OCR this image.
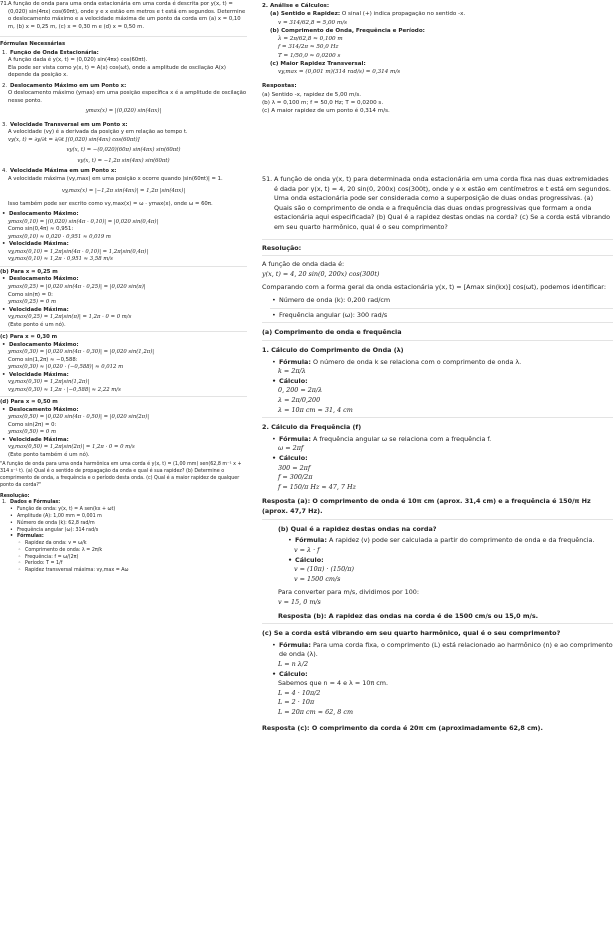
71. A função de onda para uma onda estacionária em uma corda é descrita por y(x, t) = (0,020) sin(4πx) cos(60πt), onde y e x estão em metros e t está em segundos. Determine o deslocamento máximo e a velocidade máxima de um ponto da corda em (a) x = 0,10 m, (b) x = 0,25 m, (c) x = 0,30 m e (d) x = 0,50 m.
Fórmulas Necessárias
1. Função de Onda Estacionária:
A função dada é y(x, t) = (0,020) sin(4πx) cos(60πt).
Ela pode ser vista como y(x, t) = A(x) cos(ωt), onde a amplitude de oscilação A(x) depende da posição x.
2. Deslocamento Máximo em um Ponto x:
O deslocamento máximo (ymax) em uma posição específica x é a amplitude de oscilação nesse ponto.
ymax(x) = |(0,020) sin(4πx)|
3. Velocidade Transversal em um Ponto x:
A velocidade (vy) é a derivada da posição y em relação ao tempo t.
vy(x, t) = ∂y/∂t = ∂/∂t [(0,020) sin(4πx) cos(60πt)]
vy(x, t) = −(0,020)(60π) sin(4πx) sin(60πt)
vy(x, t) = −1,2π sin(4πx) sin(60πt)
4. Velocidade Máxima em um Ponto x:
A velocidade máxima (vy,max) em uma posição x ocorre quando |sin(60πt)| = 1.
vy,max(x) = |−1,2π sin(4πx)| = 1,2π |sin(4πx)|
Isso também pode ser escrito como vy,max(x) = ω · ymax(x), onde ω = 60π.
• Deslocamento Máximo:
ymax(0,10) = |(0,020) sin(4π · 0,10)| = |0,020 sin(0,4π)|
Como sin(0,4π) ≈ 0,951:
ymax(0,10) ≈ 0,020 · 0,951 ≈ 0,019 m
• Velocidade Máxima:
vy,max(0,10) = 1,2π|sin(4π · 0,10)| = 1,2π|sin(0,4π)|
vy,max(0,10) ≈ 1,2π · 0,951 ≈ 3,58 m/s
(b) Para x = 0,25 m
• Deslocamento Máximo:
ymax(0,25) = |0,020 sin(4π · 0,25)| = |0,020 sin(π)|
Como sin(π) = 0:
ymax(0,25) = 0 m
• Velocidade Máxima:
vy,max(0,25) = 1,2π|sin(π)| = 1,2π · 0 = 0 m/s
(Este ponto é um nó).
(c) Para x = 0,30 m
• Deslocamento Máximo:
ymax(0,30) = |0,020 sin(4π · 0,30)| = |0,020 sin(1,2π)|
Como sin(1,2π) ≈ −0,588:
ymax(0,30) ≈ |0,020 · (−0,588)| ≈ 0,012 m
• Velocidade Máxima:
vy,max(0,30) = 1,2π|sin(1,2π)|
vy,max(0,30) ≈ 1,2π · |−0,588| ≈ 2,22 m/s
(d) Para x = 0,50 m
• Deslocamento Máximo:
ymax(0,50) = |0,020 sin(4π · 0,50)| = |0,020 sin(2π)|
Como sin(2π) = 0:
ymax(0,50) = 0 m
• Velocidade Máxima:
vy,max(0,50) = 1,2π|sin(2π)| = 1,2π · 0 = 0 m/s
(Este ponto também é um nó).
"A função de onda para uma onda harmônica em uma corda é y(x, t) = (1,00 mm) sen(62,8 m⁻¹ x + 314 s⁻¹ t). (a) Qual é o sentido de propagação da onda e qual é sua rapidez? (b) Determine o comprimento de onda, a frequência e o período desta onda. (c) Qual é a maior rapidez de qualquer ponto da corda?"
Resolução:
1. Dados e Fórmulas:
• Função de onda: y(x, t) = A sen(kx + ωt)
• Amplitude (A): 1,00 mm = 0,001 m
• Número de onda (k): 62,8 rad/m
• Frequência angular (ω): 314 rad/s
• Fórmulas:
◦ Rapidez da onda: v = ω/k
◦ Comprimento de onda: λ = 2π/k
◦ Frequência: f = ω/(2π)
◦ Período: T = 1/f
◦ Rapidez transversal máxima: vy,max = Aω
2. Análise e Cálculos:
(a) Sentido e Rapidez: O sinal (+) indica propagação no sentido -x.
v = 314/62,8 = 5,00 m/s
(b) Comprimento de Onda, Frequência e Período:
λ = 2π/62,8 ≈ 0,100 m
f = 314/2π ≈ 50,0 Hz
T = 1/50,0 ≈ 0,0200 s
(c) Maior Rapidez Transversal:
vy,max = (0,001 m)(314 rad/s) = 0,314 m/s
Respostas:
(a) Sentido -x, rapidez de 5,00 m/s.
(b) λ = 0,100 m; f = 50,0 Hz; T = 0,0200 s.
(c) A maior rapidez de um ponto é 0,314 m/s.
51. A função de onda y(x, t) para determinada onda estacionária em uma corda fixa nas duas extremidades é dada por y(x, t) = 4, 20 sin(0, 200x) cos(300t), onde y e x estão em centímetros e t está em segundos. Uma onda estacionária pode ser considerada como a superposição de duas ondas progressivas. (a) Quais são o comprimento de onda e a frequência das duas ondas progressivas que formam a onda estacionária aqui especificada? (b) Qual é a rapidez destas ondas na corda? (c) Se a corda está vibrando em seu quarto harmônico, qual é o seu comprimento?
Resolução:
A função de onda dada é:
y(x, t) = 4, 20 sin(0, 200x) cos(300t)
Comparando com a forma geral da onda estacionária y(x, t) = [Amax sin(kx)] cos(ωt), podemos identificar:
• Número de onda (k): 0,200 rad/cm
• Frequência angular (ω): 300 rad/s
(a) Comprimento de onda e frequência
1. Cálculo do Comprimento de Onda (λ)
• Fórmula: O número de onda k se relaciona com o comprimento de onda λ.
k = 2π/λ
• Cálculo:
0, 200 = 2π/λ
λ = 2π/0,200
λ = 10π cm ≈ 31, 4 cm
2. Cálculo da Frequência (f)
• Fórmula: A frequência angular ω se relaciona com a frequência f.
ω = 2πf
• Cálculo:
300 = 2πf
f = 300/2π
f = 150/π Hz ≈ 47, 7 Hz
Resposta (a): O comprimento de onda é 10π cm (aprox. 31,4 cm) e a frequência é 150/π Hz (aprox. 47,7 Hz).
(b) Qual é a rapidez destas ondas na corda?
• Fórmula: A rapidez (v) pode ser calculada a partir do comprimento de onda e da frequência.
v = λ · f
• Cálculo:
v = (10π) · (150/π)
v = 1500 cm/s
Para converter para m/s, dividimos por 100:
v = 15, 0 m/s
Resposta (b): A rapidez das ondas na corda é de 1500 cm/s ou 15,0 m/s.
(c) Se a corda está vibrando em seu quarto harmônico, qual é o seu comprimento?
• Fórmula: Para uma corda fixa, o comprimento (L) está relacionado ao harmônico (n) e ao comprimento de onda (λ).
L = n λ/2
• Cálculo:
Sabemos que n = 4 e λ = 10π cm.
L = 4 · 10π/2
L = 2 · 10π
L = 20π cm ≈ 62, 8 cm
Resposta (c): O comprimento da corda é 20π cm (aproximadamente 62,8 cm).
